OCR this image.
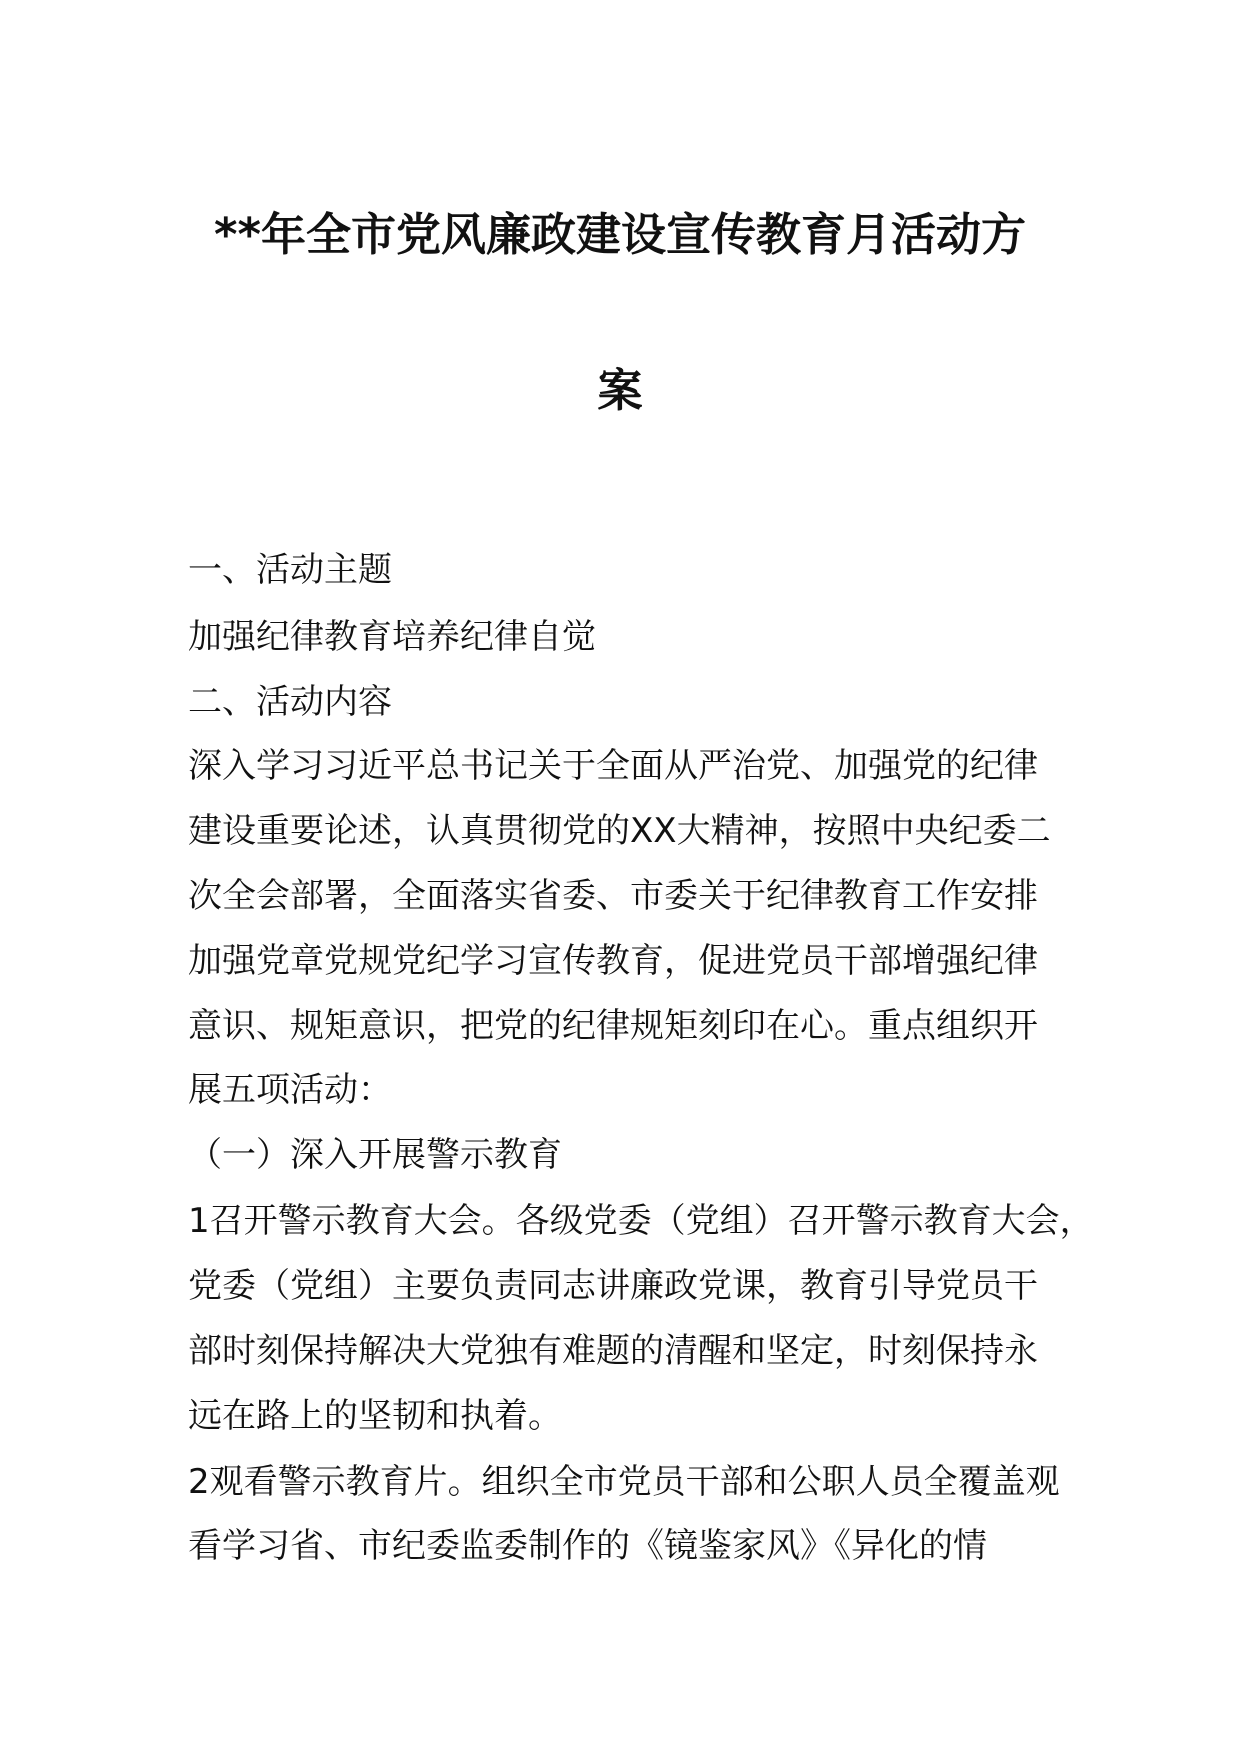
**年全市党风廉政建设宣传教育月活动方
案
一、活动主题
加强纪律教育培养纪律自觉
二、活动内容
深入学习习近平总书记关于全面从严治党、加强党的纪律
建设重要论述，认真贯彻党的XX大精神，按照中央纪委二
次全会部署，全面落实省委、市委关于纪律教育工作安排
加强党章党规党纪学习宣传教育，促进党员干部增强纪律
意识、规矩意识，把党的纪律规矩刻印在心。重点组织开
展五项活动：
（一）深入开展警示教育
1召开警示教育大会。各级党委（党组）召开警示教育大会，
党委（党组）主要负责同志讲廉政党课，教育引导党员干
部时刻保持解决大党独有难题的清醒和坚定，时刻保持永
远在路上的坚韧和执着。
2观看警示教育片。组织全市党员干部和公职人员全覆盖观
看学习省、市纪委监委制作的《镜鉴家风》《异化的情
